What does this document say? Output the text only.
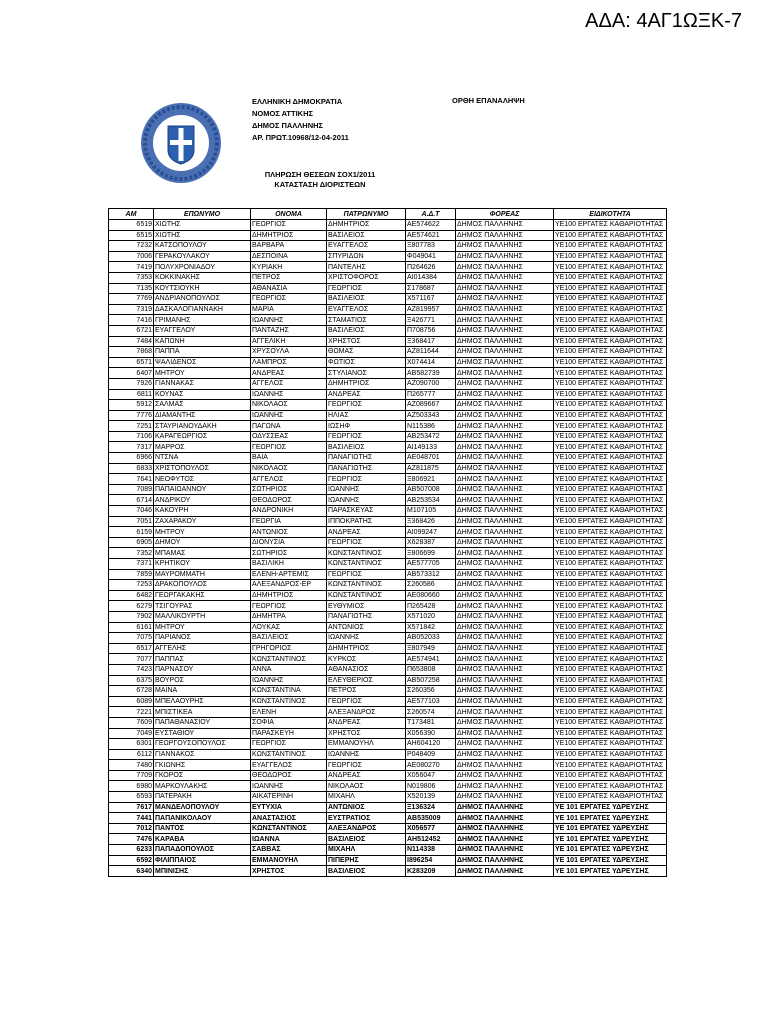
ΑΔΑ: 4ΑΓ1ΩΞΚ-7
ΕΛΛΗΝΙΚΗ ΔΗΜΟΚΡΑΤΙΑ
ΝΟΜΟΣ ΑΤΤΙΚΗΣ
ΔΗΜΟΣ ΠΑΛΛΗΝΗΣ
ΑΡ. ΠΡΩΤ.10968/12-04-2011
ΟΡΘΗ ΕΠΑΝΑΛΗΨΗ
ΠΛΗΡΩΣΗ ΘΕΣΕΩΝ ΣΟΧ1/2011
ΚΑΤΑΣΤΑΣΗ ΔΙΟΡΙΣΤΕΩΝ
ΑΜ	ΕΠΩΝΥΜΟ	ΟΝΟΜΑ	ΠΑΤΡΩΝΥΜΟ	Α.Δ.Τ	ΦΟΡΕΑΣ	ΕΙΔΙΚΟΤΗΤΑ
6519	ΧΙΩΤΗΣ	ΓΕΩΡΓΙΟΣ	ΔΗΜΗΤΡΙΟΣ	ΑΕ574622	ΔΗΜΟΣ ΠΑΛΛΗΝΗΣ	ΥΕ100 ΕΡΓΑΤΕΣ ΚΑΘΑΡΙΟΤΗΤΑΣ
6515	ΧΙΩΤΗΣ	ΔΗΜΗΤΡΙΟΣ	ΒΑΣΙΛΕΙΟΣ	ΑΕ574621	ΔΗΜΟΣ ΠΑΛΛΗΝΗΣ	ΥΕ100 ΕΡΓΑΤΕΣ ΚΑΘΑΡΙΟΤΗΤΑΣ
7232	ΚΑΤΣΟΠΟΥΛΟΥ	ΒΑΡΒΑΡΑ	ΕΥΑΓΓΕΛΟΣ	Ξ807783	ΔΗΜΟΣ ΠΑΛΛΗΝΗΣ	ΥΕ100 ΕΡΓΑΤΕΣ ΚΑΘΑΡΙΟΤΗΤΑΣ
7006	ΓΕΡΑΚΟΥΛΑΚΟΥ	ΔΕΣΠΟΙΝΑ	ΣΠΥΡΙΔΩΝ	Φ049041	ΔΗΜΟΣ ΠΑΛΛΗΝΗΣ	ΥΕ100 ΕΡΓΑΤΕΣ ΚΑΘΑΡΙΟΤΗΤΑΣ
7419	ΠΟΛΥΧΡΟΝΙΑΔΟΥ	ΚΥΡΙΑΚΗ	ΠΑΝΤΕΛΗΣ	Π264626	ΔΗΜΟΣ ΠΑΛΛΗΝΗΣ	ΥΕ100 ΕΡΓΑΤΕΣ ΚΑΘΑΡΙΟΤΗΤΑΣ
7353	ΚΟΚΚΙΝΑΚΗΣ	ΠΕΤΡΟΣ	ΧΡΙΣΤΟΦΟΡΟΣ	ΑΙ014384	ΔΗΜΟΣ ΠΑΛΛΗΝΗΣ	ΥΕ100 ΕΡΓΑΤΕΣ ΚΑΘΑΡΙΟΤΗΤΑΣ
7135	ΚΟΥΤΣΙΟΥΚΗ	ΑΘΑΝΑΣΙΑ	ΓΕΩΡΓΙΟΣ	Σ178687	ΔΗΜΟΣ ΠΑΛΛΗΝΗΣ	ΥΕ100 ΕΡΓΑΤΕΣ ΚΑΘΑΡΙΟΤΗΤΑΣ
7769	ΑΝΔΡΙΑΝΟΠΟΥΛΟΣ	ΓΕΩΡΓΙΟΣ	ΒΑΣΙΛΕΙΟΣ	Χ571167	ΔΗΜΟΣ ΠΑΛΛΗΝΗΣ	ΥΕ100 ΕΡΓΑΤΕΣ ΚΑΘΑΡΙΟΤΗΤΑΣ
7319	ΔΑΣΚΑΛΟΓΙΑΝΝΑΚΗ	ΜΑΡΙΑ	ΕΥΑΓΓΕΛΟΣ	ΑΖ819957	ΔΗΜΟΣ ΠΑΛΛΗΝΗΣ	ΥΕ100 ΕΡΓΑΤΕΣ ΚΑΘΑΡΙΟΤΗΤΑΣ
7416	ΓΡΙΜΑΝΗΣ	ΙΩΑΝΝΗΣ	ΣΤΑΜΑΤΙΟΣ	Ξ426771	ΔΗΜΟΣ ΠΑΛΛΗΝΗΣ	ΥΕ100 ΕΡΓΑΤΕΣ ΚΑΘΑΡΙΟΤΗΤΑΣ
6721	ΕΥΑΓΓΕΛΟΥ	ΠΑΝΤΑΖΗΣ	ΒΑΣΙΛΕΙΟΣ	Π708756	ΔΗΜΟΣ ΠΑΛΛΗΝΗΣ	ΥΕ100 ΕΡΓΑΤΕΣ ΚΑΘΑΡΙΟΤΗΤΑΣ
7484	ΚΑΠΩΝΗ	ΑΓΓΕΛΙΚΗ	ΧΡΗΣΤΟΣ	Ξ368417	ΔΗΜΟΣ ΠΑΛΛΗΝΗΣ	ΥΕ100 ΕΡΓΑΤΕΣ ΚΑΘΑΡΙΟΤΗΤΑΣ
7868	ΠΑΠΠΑ	ΧΡΥΣΟΥΛΑ	ΘΩΜΑΣ	ΑΖ811644	ΔΗΜΟΣ ΠΑΛΛΗΝΗΣ	ΥΕ100 ΕΡΓΑΤΕΣ ΚΑΘΑΡΙΟΤΗΤΑΣ
6571	ΨΑΛΙΔΕΝΟΣ	ΛΑΜΠΡΟΣ	ΦΩΤΙΟΣ	Χ074414	ΔΗΜΟΣ ΠΑΛΛΗΝΗΣ	ΥΕ100 ΕΡΓΑΤΕΣ ΚΑΘΑΡΙΟΤΗΤΑΣ
6407	ΜΗΤΡΟΥ	ΑΝΔΡΕΑΣ	ΣΤΥΛΙΑΝΟΣ	ΑΒ582739	ΔΗΜΟΣ ΠΑΛΛΗΝΗΣ	ΥΕ100 ΕΡΓΑΤΕΣ ΚΑΘΑΡΙΟΤΗΤΑΣ
7926	ΓΙΑΝΝΑΚΑΣ	ΑΓΓΕΛΟΣ	ΔΗΜΗΤΡΙΟΣ	ΑΖ090700	ΔΗΜΟΣ ΠΑΛΛΗΝΗΣ	ΥΕ100 ΕΡΓΑΤΕΣ ΚΑΘΑΡΙΟΤΗΤΑΣ
6811	ΚΟΥΝΑΣ	ΙΩΑΝΝΗΣ	ΑΝΔΡΕΑΣ	Π265777	ΔΗΜΟΣ ΠΑΛΛΗΝΗΣ	ΥΕ100 ΕΡΓΑΤΕΣ ΚΑΘΑΡΙΟΤΗΤΑΣ
5912	ΣΑΛΜΑΣ	ΝΙΚΟΛΑΟΣ	ΓΕΩΡΓΙΟΣ	ΑΖ089667	ΔΗΜΟΣ ΠΑΛΛΗΝΗΣ	ΥΕ100 ΕΡΓΑΤΕΣ ΚΑΘΑΡΙΟΤΗΤΑΣ
7776	ΔΙΑΜΑΝΤΗΣ	ΙΩΑΝΝΗΣ	ΗΛΙΑΣ	ΑΖ503343	ΔΗΜΟΣ ΠΑΛΛΗΝΗΣ	ΥΕ100 ΕΡΓΑΤΕΣ ΚΑΘΑΡΙΟΤΗΤΑΣ
7251	ΣΤΑΥΡΙΑΝΟΥΔΑΚΗ	ΠΑΓΩΝΑ	ΙΩΣΗΦ	Ν115386	ΔΗΜΟΣ ΠΑΛΛΗΝΗΣ	ΥΕ100 ΕΡΓΑΤΕΣ ΚΑΘΑΡΙΟΤΗΤΑΣ
7106	ΚΑΡΑΓΕΩΡΓΙΟΣ	ΟΔΥΣΣΕΑΣ	ΓΕΩΡΓΙΟΣ	ΑΒ253472	ΔΗΜΟΣ ΠΑΛΛΗΝΗΣ	ΥΕ100 ΕΡΓΑΤΕΣ ΚΑΘΑΡΙΟΤΗΤΑΣ
7317	ΜΑΡΡΟΣ	ΓΕΩΡΓΙΟΣ	ΒΑΣΙΛΕΙΟΣ	ΑΙ149133	ΔΗΜΟΣ ΠΑΛΛΗΝΗΣ	ΥΕ100 ΕΡΓΑΤΕΣ ΚΑΘΑΡΙΟΤΗΤΑΣ
6966	ΝΤΣΝΑ	ΒΑΙΑ	ΠΑΝΑΓΙΩΤΗΣ	ΑΕ048701	ΔΗΜΟΣ ΠΑΛΛΗΝΗΣ	ΥΕ100 ΕΡΓΑΤΕΣ ΚΑΘΑΡΙΟΤΗΤΑΣ
6833	ΧΡΙΣΤΟΠΟΥΛΟΣ	ΝΙΚΟΛΑΟΣ	ΠΑΝΑΓΙΩΤΗΣ	ΑΖ811875	ΔΗΜΟΣ ΠΑΛΛΗΝΗΣ	ΥΕ100 ΕΡΓΑΤΕΣ ΚΑΘΑΡΙΟΤΗΤΑΣ
7641	ΝΕΟΦΥΤΟΣ	ΑΓΓΕΛΟΣ	ΓΕΩΡΓΙΟΣ	Ξ806921	ΔΗΜΟΣ ΠΑΛΛΗΝΗΣ	ΥΕ100 ΕΡΓΑΤΕΣ ΚΑΘΑΡΙΟΤΗΤΑΣ
7089	ΠΑΠΑΙΩΑΝΝΟΥ	ΣΩΤΗΡΙΟΣ	ΙΩΑΝΝΗΣ	ΑΒ507008	ΔΗΜΟΣ ΠΑΛΛΗΝΗΣ	ΥΕ100 ΕΡΓΑΤΕΣ ΚΑΘΑΡΙΟΤΗΤΑΣ
6714	ΑΝΔΡΙΚΟΥ	ΘΕΟΔΩΡΟΣ	ΙΩΑΝΝΗΣ	ΑΒ253534	ΔΗΜΟΣ ΠΑΛΛΗΝΗΣ	ΥΕ100 ΕΡΓΑΤΕΣ ΚΑΘΑΡΙΟΤΗΤΑΣ
7046	ΚΑΚΟΥΡΗ	ΑΝΔΡΟΝΙΚΗ	ΠΑΡΑΣΚΕΥΑΣ	Μ107105	ΔΗΜΟΣ ΠΑΛΛΗΝΗΣ	ΥΕ100 ΕΡΓΑΤΕΣ ΚΑΘΑΡΙΟΤΗΤΑΣ
7051	ΖΑΧΑΡΑΚΟΥ	ΓΕΩΡΓΙΑ	ΙΠΠΟΚΡΑΤΗΣ	Ξ368426	ΔΗΜΟΣ ΠΑΛΛΗΝΗΣ	ΥΕ100 ΕΡΓΑΤΕΣ ΚΑΘΑΡΙΟΤΗΤΑΣ
6159	ΜΗΤΡΟΥ	ΑΝΤΩΝΙΟΣ	ΑΝΔΡΕΑΣ	ΑΙ099247	ΔΗΜΟΣ ΠΑΛΛΗΝΗΣ	ΥΕ100 ΕΡΓΑΤΕΣ ΚΑΘΑΡΙΟΤΗΤΑΣ
6905	ΔΗΜΟΥ	ΔΙΟΝΥΣΙΑ	ΓΕΩΡΓΙΟΣ	Χ628387	ΔΗΜΟΣ ΠΑΛΛΗΝΗΣ	ΥΕ100 ΕΡΓΑΤΕΣ ΚΑΘΑΡΙΟΤΗΤΑΣ
7352	ΜΠΑΜΑΣ	ΣΩΤΗΡΙΟΣ	ΚΩΝΣΤΑΝΤΙΝΟΣ	Ξ806699	ΔΗΜΟΣ ΠΑΛΛΗΝΗΣ	ΥΕ100 ΕΡΓΑΤΕΣ ΚΑΘΑΡΙΟΤΗΤΑΣ
7371	ΚΡΗΤΙΚΟΥ	ΒΑΣΙΛΙΚΗ	ΚΩΝΣΤΑΝΤΙΝΟΣ	ΑΕ577705	ΔΗΜΟΣ ΠΑΛΛΗΝΗΣ	ΥΕ100 ΕΡΓΑΤΕΣ ΚΑΘΑΡΙΟΤΗΤΑΣ
7859	ΜΑΥΡΟΜΜΑΤΗ	ΕΛΕΝΗ-ΑΡΤΕΜΙΣ	ΓΕΩΡΓΙΟΣ	ΑΒ573312	ΔΗΜΟΣ ΠΑΛΛΗΝΗΣ	ΥΕ100 ΕΡΓΑΤΕΣ ΚΑΘΑΡΙΟΤΗΤΑΣ
7253	ΔΡΑΚΟΠΟΥΛΟΣ	ΑΛΕΞΑΝΔΡΟΣ-ΕΡ	ΚΩΝΣΤΑΝΤΙΝΟΣ	Σ260586	ΔΗΜΟΣ ΠΑΛΛΗΝΗΣ	ΥΕ100 ΕΡΓΑΤΕΣ ΚΑΘΑΡΙΟΤΗΤΑΣ
6482	ΓΕΩΡΓΑΚΑΚΗΣ	ΔΗΜΗΤΡΙΟΣ	ΚΩΝΣΤΑΝΤΙΝΟΣ	ΑΕ080660	ΔΗΜΟΣ ΠΑΛΛΗΝΗΣ	ΥΕ100 ΕΡΓΑΤΕΣ ΚΑΘΑΡΙΟΤΗΤΑΣ
6279	ΤΣΙΓΟΥΡΑΣ	ΓΕΩΡΓΙΟΣ	ΕΥΘΥΜΙΟΣ	Π265428	ΔΗΜΟΣ ΠΑΛΛΗΝΗΣ	ΥΕ100 ΕΡΓΑΤΕΣ ΚΑΘΑΡΙΟΤΗΤΑΣ
7902	ΜΑΛΛΙΚΟΥΡΤΗ	ΔΗΜΗΤΡΑ	ΠΑΝΑΓΙΩΤΗΣ	Χ571020	ΔΗΜΟΣ ΠΑΛΛΗΝΗΣ	ΥΕ100 ΕΡΓΑΤΕΣ ΚΑΘΑΡΙΟΤΗΤΑΣ
6161	ΜΗΤΡΟΥ	ΛΟΥΚΑΣ	ΑΝΤΩΝΙΟΣ	Χ571842	ΔΗΜΟΣ ΠΑΛΛΗΝΗΣ	ΥΕ100 ΕΡΓΑΤΕΣ ΚΑΘΑΡΙΟΤΗΤΑΣ
7075	ΠΑΡΙΑΝΟΣ	ΒΑΣΙΛΕΙΟΣ	ΙΩΑΝΝΗΣ	ΑΒ052033	ΔΗΜΟΣ ΠΑΛΛΗΝΗΣ	ΥΕ100 ΕΡΓΑΤΕΣ ΚΑΘΑΡΙΟΤΗΤΑΣ
6517	ΑΓΓΕΛΗΣ	ΓΡΗΓΟΡΙΟΣ	ΔΗΜΗΤΡΙΟΣ	Ξ807949	ΔΗΜΟΣ ΠΑΛΛΗΝΗΣ	ΥΕ100 ΕΡΓΑΤΕΣ ΚΑΘΑΡΙΟΤΗΤΑΣ
7077	ΠΑΠΠΑΣ	ΚΩΝΣΤΑΝΤΙΝΟΣ	ΚΥΡΚΟΣ	ΑΕ574941	ΔΗΜΟΣ ΠΑΛΛΗΝΗΣ	ΥΕ100 ΕΡΓΑΤΕΣ ΚΑΘΑΡΙΟΤΗΤΑΣ
7423	ΠΑΡΝΑΣΟΥ	ΑΝΝΑ	ΑΘΑΝΑΣΙΟΣ	Π653808	ΔΗΜΟΣ ΠΑΛΛΗΝΗΣ	ΥΕ100 ΕΡΓΑΤΕΣ ΚΑΘΑΡΙΟΤΗΤΑΣ
6375	ΒΟΥΡΟΣ	ΙΩΑΝΝΗΣ	ΕΛΕΥΘΕΡΙΟΣ	ΑΒ507258	ΔΗΜΟΣ ΠΑΛΛΗΝΗΣ	ΥΕ100 ΕΡΓΑΤΕΣ ΚΑΘΑΡΙΟΤΗΤΑΣ
6728	ΜΑΙΝΑ	ΚΩΝΣΤΑΝΤΙΝΑ	ΠΕΤΡΟΣ	Σ260356	ΔΗΜΟΣ ΠΑΛΛΗΝΗΣ	ΥΕ100 ΕΡΓΑΤΕΣ ΚΑΘΑΡΙΟΤΗΤΑΣ
6089	ΜΠΕΛΑΟΥΡΗΣ	ΚΩΝΣΤΑΝΤΙΝΟΣ	ΓΕΩΡΓΙΟΣ	ΑΕ577103	ΔΗΜΟΣ ΠΑΛΛΗΝΗΣ	ΥΕ100 ΕΡΓΑΤΕΣ ΚΑΘΑΡΙΟΤΗΤΑΣ
7221	ΜΠΙΣΤΙΚΕΑ	ΕΛΕΝΗ	ΑΛΕΞΑΝΔΡΟΣ	Σ260574	ΔΗΜΟΣ ΠΑΛΛΗΝΗΣ	ΥΕ100 ΕΡΓΑΤΕΣ ΚΑΘΑΡΙΟΤΗΤΑΣ
7609	ΠΑΠΑΘΑΝΑΣΙΟΥ	ΣΟΦΙΑ	ΑΝΔΡΕΑΣ	Τ173481	ΔΗΜΟΣ ΠΑΛΛΗΝΗΣ	ΥΕ100 ΕΡΓΑΤΕΣ ΚΑΘΑΡΙΟΤΗΤΑΣ
7049	ΕΥΣΤΑΘΙΟΥ	ΠΑΡΑΣΚΕΥΗ	ΧΡΗΣΤΟΣ	Χ056390	ΔΗΜΟΣ ΠΑΛΛΗΝΗΣ	ΥΕ100 ΕΡΓΑΤΕΣ ΚΑΘΑΡΙΟΤΗΤΑΣ
6301	ΓΕΩΡΓΟΥΣΟΠΟΥΛΟΣ	ΓΕΩΡΓΙΟΣ	ΕΜΜΑΝΟΥΗΛ	ΑΗ604120	ΔΗΜΟΣ ΠΑΛΛΗΝΗΣ	ΥΕ100 ΕΡΓΑΤΕΣ ΚΑΘΑΡΙΟΤΗΤΑΣ
6112	ΓΙΑΝΝΑΚΟΣ	ΚΩΝΣΤΑΝΤΙΝΟΣ	ΙΩΑΝΝΗΣ	Ρ048409	ΔΗΜΟΣ ΠΑΛΛΗΝΗΣ	ΥΕ100 ΕΡΓΑΤΕΣ ΚΑΘΑΡΙΟΤΗΤΑΣ
7480	ΓΚΙΩΝΗΣ	ΕΥΑΓΓΕΛΟΣ	ΓΕΩΡΓΙΟΣ	ΑΕ080270	ΔΗΜΟΣ ΠΑΛΛΗΝΗΣ	ΥΕ100 ΕΡΓΑΤΕΣ ΚΑΘΑΡΙΟΤΗΤΑΣ
7709	ΓΚΟΡΟΣ	ΘΕΟΔΩΡΟΣ	ΑΝΔΡΕΑΣ	Χ056047	ΔΗΜΟΣ ΠΑΛΛΗΝΗΣ	ΥΕ100 ΕΡΓΑΤΕΣ ΚΑΘΑΡΙΟΤΗΤΑΣ
6980	ΜΑΡΚΟΥΛΑΚΗΣ	ΙΩΑΝΝΗΣ	ΝΙΚΟΛΑΟΣ	Ν019806	ΔΗΜΟΣ ΠΑΛΛΗΝΗΣ	ΥΕ100 ΕΡΓΑΤΕΣ ΚΑΘΑΡΙΟΤΗΤΑΣ
6593	ΠΑΤΕΡΑΚΗ	ΑΙΚΑΤΕΡΙΝΗ	ΜΙΧΑΗΛ	Χ520139	ΔΗΜΟΣ ΠΑΛΛΗΝΗΣ	ΥΕ100 ΕΡΓΑΤΕΣ ΚΑΘΑΡΙΟΤΗΤΑΣ
7617	ΜΑΝΔΕΛΟΠΟΥΛΟΥ	ΕΥΤΥΧΙΑ	ΑΝΤΩΝΙΟΣ	Ξ136324	ΔΗΜΟΣ ΠΑΛΛΗΝΗΣ	ΥΕ 101 ΕΡΓΑΤΕΣ ΥΔΡΕΥΣΗΣ
7441	ΠΑΠΑΝΙΚΟΛΑΟΥ	ΑΝΑΣΤΑΣΙΟΣ	ΕΥΣΤΡΑΤΙΟΣ	ΑΒ535009	ΔΗΜΟΣ ΠΑΛΛΗΝΗΣ	ΥΕ 101 ΕΡΓΑΤΕΣ ΥΔΡΕΥΣΗΣ
7012	ΠΑΝΤΟΣ	ΚΩΝΣΤΑΝΤΙΝΟΣ	ΑΛΕΞΑΝΔΡΟΣ	Χ056577	ΔΗΜΟΣ ΠΑΛΛΗΝΗΣ	ΥΕ 101 ΕΡΓΑΤΕΣ ΥΔΡΕΥΣΗΣ
7476	ΚΑΡΑΒΑ	ΙΩΑΝΝΑ	ΒΑΣΙΛΕΙΟΣ	ΑΗ512452	ΔΗΜΟΣ ΠΑΛΛΗΝΗΣ	ΥΕ 101 ΕΡΓΑΤΕΣ ΥΔΡΕΥΣΗΣ
6233	ΠΑΠΑΔΟΠΟΥΛΟΣ	ΣΑΒΒΑΣ	ΜΙΧΑΗΛ	Ν114338	ΔΗΜΟΣ ΠΑΛΛΗΝΗΣ	ΥΕ 101 ΕΡΓΑΤΕΣ ΥΔΡΕΥΣΗΣ
6592	ΦΙΛΙΠΠΑΙΟΣ	ΕΜΜΑΝΟΥΗΛ	ΠΙΠΕΡΗΣ	Ι896254	ΔΗΜΟΣ ΠΑΛΛΗΝΗΣ	ΥΕ 101 ΕΡΓΑΤΕΣ ΥΔΡΕΥΣΗΣ
6340	ΜΠΙΝΙΣΗΣ	ΧΡΗΣΤΟΣ	ΒΑΣΙΛΕΙΟΣ	Κ283209	ΔΗΜΟΣ ΠΑΛΛΗΝΗΣ	ΥΕ 101 ΕΡΓΑΤΕΣ ΥΔΡΕΥΣΗΣ
